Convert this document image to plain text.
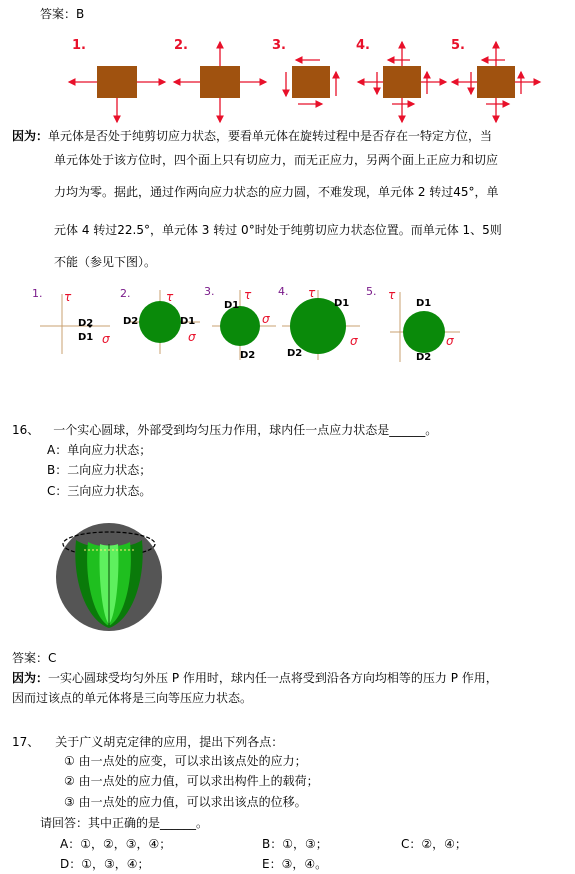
答案：B
1.	2.	3.	4.	5.
因为：单元体是否处于纯剪切应力状态，要看单元体在旋转过程中是否存在一特定方位，当
单元体处于该方位时，四个面上只有切应力，而无正应力，另两个面上正应力和切应
力均为零。据此，通过作两向应力状态的应力圆，不难发现，单元体 2 转过45°，单
元体 4 转过22.5°，单元体 3 转过 0°时处于纯剪切应力状态位置。而单元体 1、5则
不能（参见下图）。
1. τ
D2
D1 σ
2.	τ
D2	D1
σ
3. τ
D1
σ
D2
4. τ
D1
σ
D2
5. τ
D1
σ
D2
16、 一个实心圆球，外部受到均匀压力作用，球内任一点应力状态是______。
A：单向应力状态；
B：二向应力状态；
C：三向应力状态。
答案：C
因为：一实心圆球受均匀外压 P 作用时，球内任一点将受到沿各方向均相等的压力 P 作用，
因而过该点的单元体将是三向等压应力状态。
17、 关于广义胡克定律的应用，提出下列各点：
① 由一点处的应变，可以求出该点处的应力；
② 由一点处的应力值，可以求出构件上的载荷；
③ 由一点处的应力值，可以求出该点的位移。
请回答：其中正确的是______。
A：①，②，③，④；	B：①，③；	C：②，④；
D：①，③，④；	E：③，④。
